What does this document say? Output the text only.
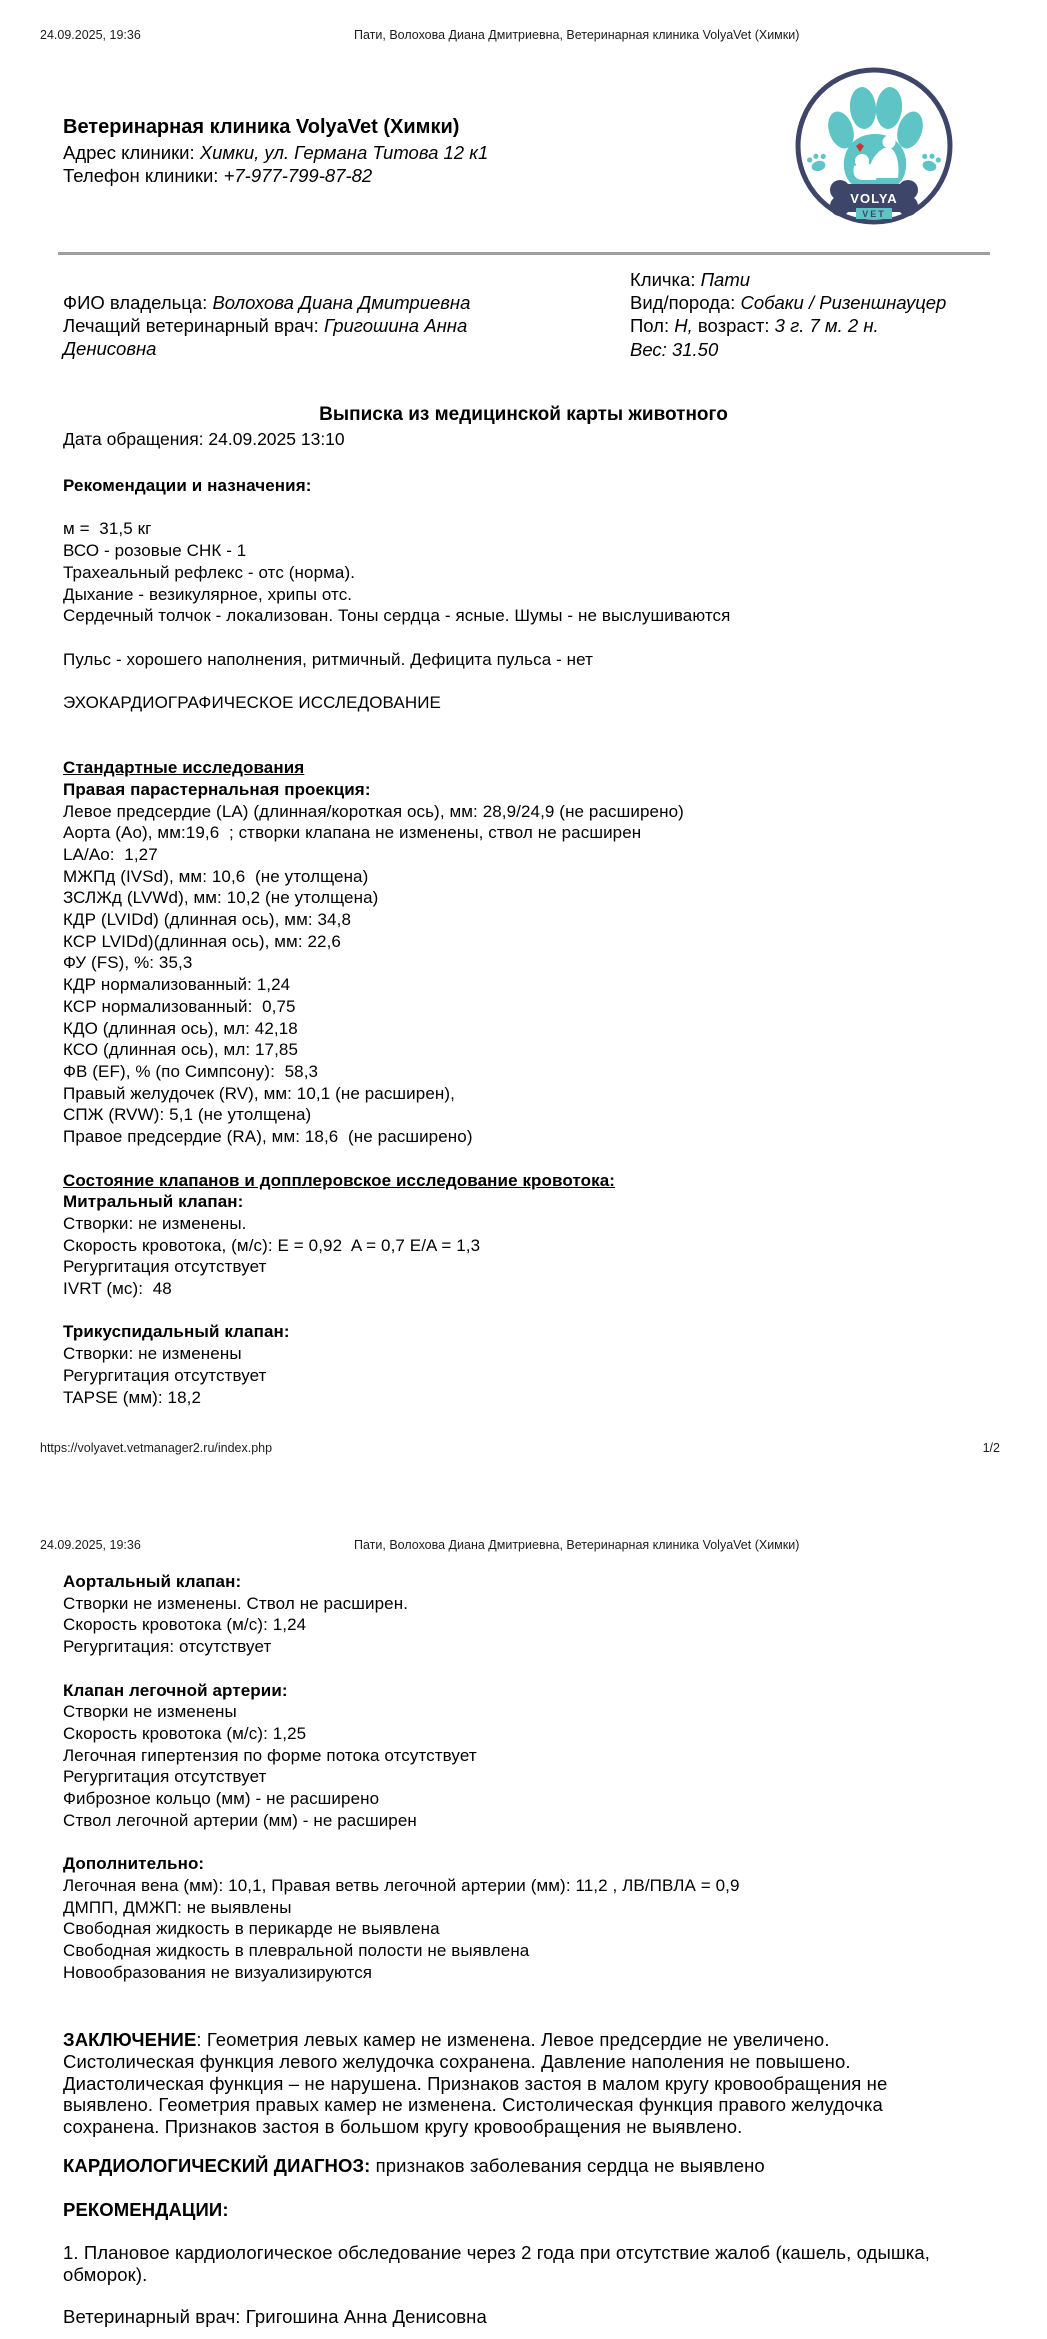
24.09.2025, 19:36	Пати, Волохова Диана Дмитриевна, Ветеринарная клиника VolyaVet (Химки)
Ветеринарная клиника VolyaVet (Химки)
Адрес клиники: Химки, ул. Германа Титова 12 к1
Телефон клиники: +7-977-799-87-82
VOLYA
VET
ФИО владельца: Волохова Диана Дмитриевна
Лечащий ветеринарный врач: Григошина Анна
Денисовна
Кличка: Пати
Вид/порода: Собаки / Ризеншнауцер
Пол: Н, возраст: 3 г. 7 м. 2 н.
Вес: 31.50
Выписка из медицинской карты животного
Дата обращения: 24.09.2025 13:10
Рекомендации и назначения:

м =  31,5 кг
ВСО - розовые СНК - 1
Трахеальный рефлекс - отс (норма).
Дыхание - везикулярное, хрипы отс.
Сердечный толчок - локализован. Тоны сердца - ясные. Шумы - не выслушиваются

Пульс - хорошего наполнения, ритмичный. Дефицита пульса - нет

ЭХОКАРДИОГРАФИЧЕСКОЕ ИССЛЕДОВАНИЕ

Стандартные исследования
Правая парастернальная проекция:
Левое предсердие (LA) (длинная/короткая ось), мм: 28,9/24,9 (не расширено)
Аорта (Ао), мм:19,6  ; створки клапана не изменены, ствол не расширен
LA/Ao:  1,27
МЖПд (IVSd), мм: 10,6  (не утолщена)
ЗСЛЖд (LVWd), мм: 10,2 (не утолщена)
КДР (LVIDd) (длинная ось), мм: 34,8
КСР LVIDd)(длинная ось), мм: 22,6
ФУ (FS), %: 35,3
КДР нормализованный: 1,24
КСР нормализованный:  0,75
КДО (длинная ось), мл: 42,18
КСО (длинная ось), мл: 17,85
ФВ (EF), % (по Симпсону):  58,3
Правый желудочек (RV), мм: 10,1 (не расширен),
СПЖ (RVW): 5,1 (не утолщена)
Правое предсердие (RA), мм: 18,6  (не расширено)

Состояние клапанов и допплеровское исследование кровотока:
Митральный клапан:
Створки: не изменены.
Скорость кровотока, (м/с): E = 0,92  A = 0,7 E/A = 1,3
Регургитация отсутствует
IVRT (мс):  48

Трикуспидальный клапан:
Створки: не изменены
Регургитация отсутствует
TAPSE (мм): 18,2
https://volyavet.vetmanager2.ru/index.php	1/2
24.09.2025, 19:36	Пати, Волохова Диана Дмитриевна, Ветеринарная клиника VolyaVet (Химки)
Аортальный клапан:
Створки не изменены. Ствол не расширен.
Скорость кровотока (м/с): 1,24
Регургитация: отсутствует

Клапан легочной артерии:
Створки не изменены
Скорость кровотока (м/с): 1,25
Легочная гипертензия по форме потока отсутствует
Регургитация отсутствует
Фиброзное кольцо (мм) - не расширено
Ствол легочной артерии (мм) - не расширен

Дополнительно:
Легочная вена (мм): 10,1, Правая ветвь легочной артерии (мм): 11,2 , ЛВ/ПВЛА = 0,9
ДМПП, ДМЖП: не выявлены
Свободная жидкость в перикарде не выявлена
Свободная жидкость в плевральной полости не выявлена
Новообразования не визуализируются
ЗАКЛЮЧЕНИЕ: Геометрия левых камер не изменена. Левое предсердие не увеличено. Систолическая функция левого желудочка сохранена. Давление наполения не повышено. Диастолическая функция – не нарушена. Признаков застоя в малом кругу кровообращения не выявлено. Геометрия правых камер не изменена. Систолическая функция правого желудочка сохранена. Признаков застоя в большом кругу кровообращения не выявлено.
КАРДИОЛОГИЧЕСКИЙ ДИАГНОЗ: признаков заболевания сердца не выявлено
РЕКОМЕНДАЦИИ:
1. Плановое кардиологическое обследование через 2 года при отсутствие жалоб (кашель, одышка, обморок).
Ветеринарный врач: Григошина Анна Денисовна
